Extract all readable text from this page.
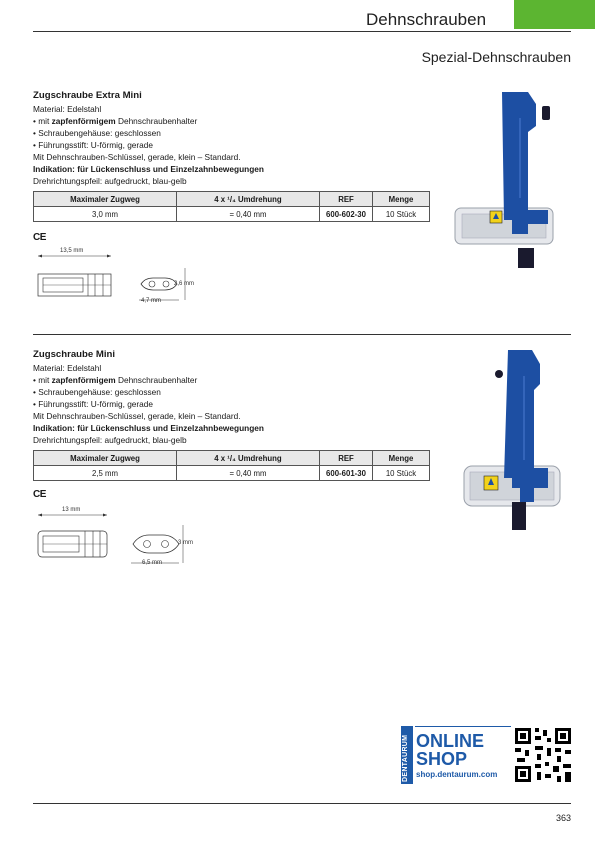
Dehnschrauben
Spezial-Dehnschrauben
Zugschraube Extra Mini
Material: Edelstahl
• mit zapfenförmigem Dehnschraubenhalter
• Schraubengehäuse: geschlossen
• Führungsstift: U-förmig, gerade
Mit Dehnschrauben-Schlüssel, gerade, klein – Standard.
Indikation: für Lückenschluss und Einzelzahnbewegungen
Drehrichtungspfeil: aufgedruckt, blau-gelb
Maximaler Zugweg	4 x ¹/₄ Umdrehung	REF	Menge
3,0 mm	= 0,40 mm	600-602-30	10 Stück
CE
13,5 mm
2,6 mm
4,7 mm
Zugschraube Mini
Material: Edelstahl
• mit zapfenförmigem Dehnschraubenhalter
• Schraubengehäuse: geschlossen
• Führungsstift: U-förmig, gerade
Mit Dehnschrauben-Schlüssel, gerade, klein – Standard.
Indikation: für Lückenschluss und Einzelzahnbewegungen
Drehrichtungspfeil: aufgedruckt, blau-gelb
Maximaler Zugweg	4 x ¹/₄ Umdrehung	REF	Menge
2,5 mm	= 0,40 mm	600-601-30	10 Stück
CE
13 mm
3 mm
6,5 mm
DENTAURUM ONLINE
SHOP
shop.dentaurum.com
363
